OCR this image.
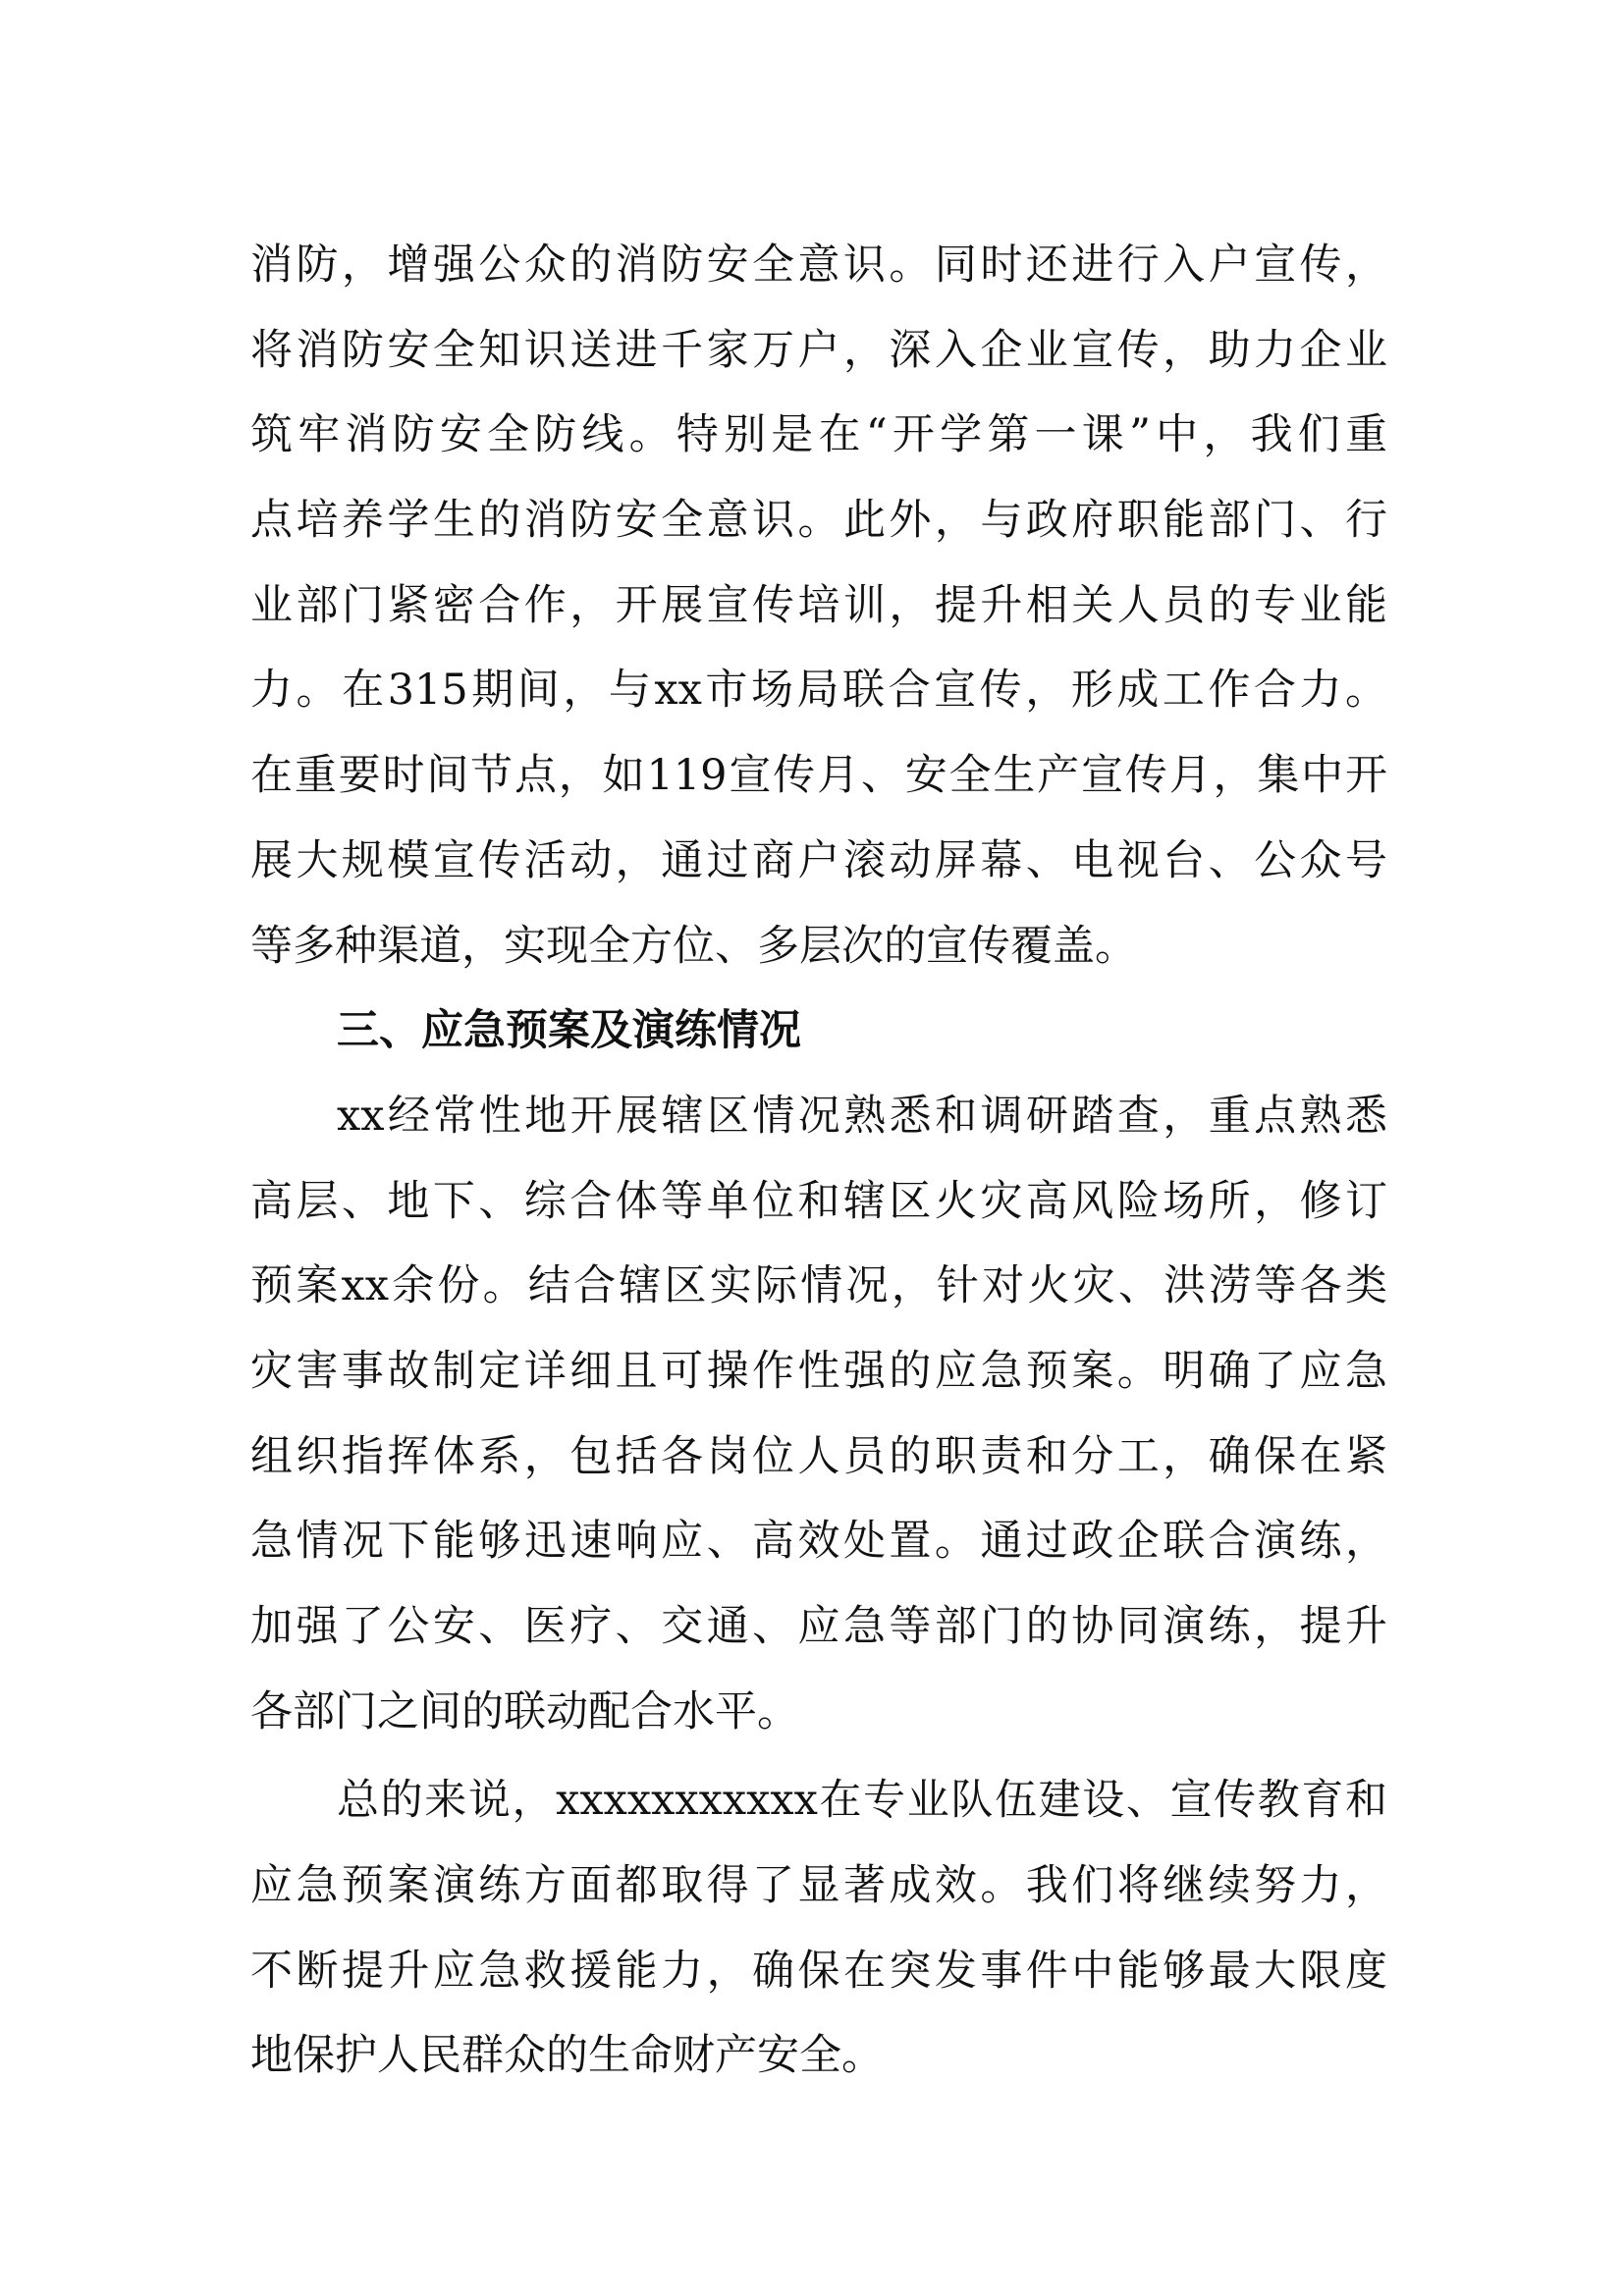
消防，增强公众的消防安全意识。同时还进行入户宣传，
将消防安全知识送进千家万户，深入企业宣传，助力企业
筑牢消防安全防线。特别是在“开学第一课”中，我们重
点培养学生的消防安全意识。此外，与政府职能部门、行
业部门紧密合作，开展宣传培训，提升相关人员的专业能
力。在315期间，与xx市场局联合宣传，形成工作合力。
在重要时间节点，如119宣传月、安全生产宣传月，集中开
展大规模宣传活动，通过商户滚动屏幕、电视台、公众号
等多种渠道，实现全方位、多层次的宣传覆盖。
三、应急预案及演练情况
xx经常性地开展辖区情况熟悉和调研踏查，重点熟悉
高层、地下、综合体等单位和辖区火灾高风险场所，修订
预案xx余份。结合辖区实际情况，针对火灾、洪涝等各类
灾害事故制定详细且可操作性强的应急预案。明确了应急
组织指挥体系，包括各岗位人员的职责和分工，确保在紧
急情况下能够迅速响应、高效处置。通过政企联合演练，
加强了公安、医疗、交通、应急等部门的协同演练，提升
各部门之间的联动配合水平。
总的来说，xxxxxxxxxxx在专业队伍建设、宣传教育和
应急预案演练方面都取得了显著成效。我们将继续努力，
不断提升应急救援能力，确保在突发事件中能够最大限度
地保护人民群众的生命财产安全。
